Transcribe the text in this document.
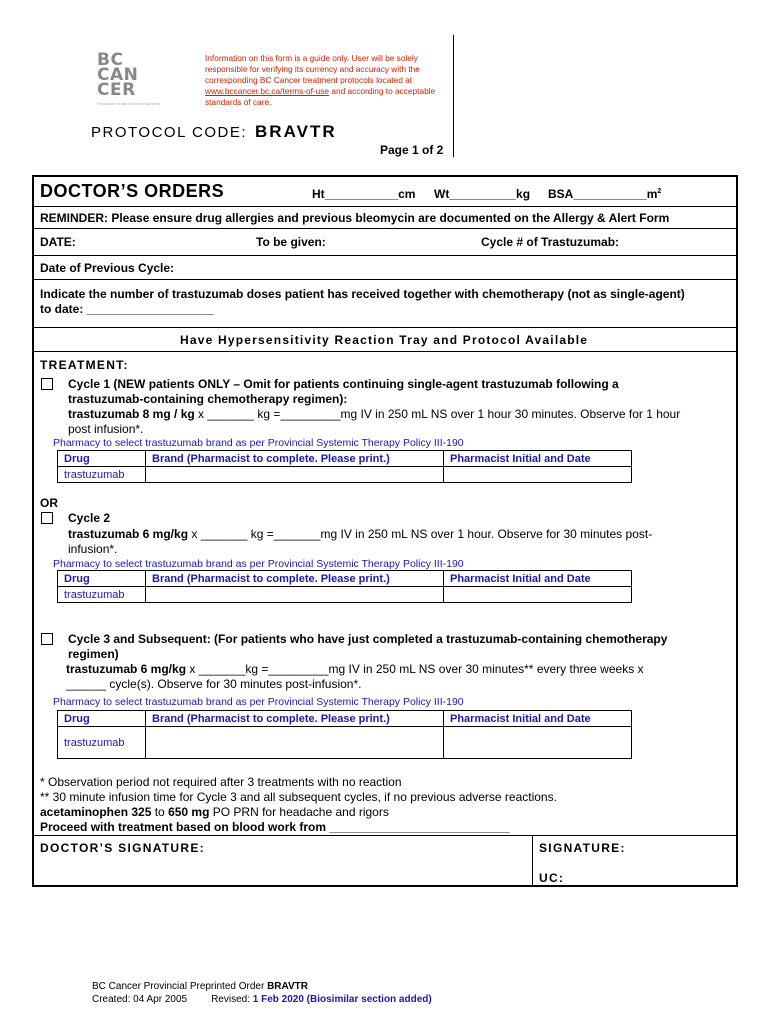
BC
CAN
CER
Provincial Health Services Authority
Information on this form is a guide only. User will be solely responsible for verifying its currency and accuracy with the corresponding BC Cancer treatment protocols located at www.bccancer.bc.ca/terms-of-use and according to acceptable standards of care.
PROTOCOL CODE: BRAVTR
Page 1 of 2
DOCTOR’S ORDERS	Ht___________cm Wt__________kg $BSA\_\_\_\_\_\_\_\_\_\_\_m^2$
REMINDER: Please ensure drug allergies and previous bleomycin are documented on the Allergy & Alert Form
DATE:	To be given:	Cycle # of Trastuzumab:
Date of Previous Cycle:
Indicate the number of trastuzumab doses patient has received together with chemotherapy (not as single-agent)
to date: ___________________
Have Hypersensitivity Reaction Tray and Protocol Available
TREATMENT:
Cycle 1 (NEW patients ONLY – Omit for patients continuing single-agent trastuzumab following a
trastuzumab-containing chemotherapy regimen):
trastuzumab 8 mg / kg x _______ kg =_________mg IV in 250 mL NS over 1 hour 30 minutes. Observe for 1 hour
post infusion*.
Pharmacy to select trastuzumab brand as per Provincial Systemic Therapy Policy III-190
Drug	Brand (Pharmacist to complete. Please print.)	Pharmacist Initial and Date
trastuzumab		
OR
Cycle 2
trastuzumab 6 mg/kg x _______ kg =_______mg IV in 250 mL NS over 1 hour. Observe for 30 minutes post-
infusion*.
Pharmacy to select trastuzumab brand as per Provincial Systemic Therapy Policy III-190
Drug	Brand (Pharmacist to complete. Please print.)	Pharmacist Initial and Date
trastuzumab		
Cycle 3 and Subsequent: (For patients who have just completed a trastuzumab-containing chemotherapy
regimen)
trastuzumab 6 mg/kg x _______kg =_________mg IV in 250 mL NS over 30 minutes** every three weeks x
______ cycle(s). Observe for 30 minutes post-infusion*.
Pharmacy to select trastuzumab brand as per Provincial Systemic Therapy Policy III-190
Drug	Brand (Pharmacist to complete. Please print.)	Pharmacist Initial and Date
trastuzumab		
* Observation period not required after 3 treatments with no reaction
** 30 minute infusion time for Cycle 3 and all subsequent cycles, if no previous adverse reactions.
acetaminophen 325 to 650 mg PO PRN for headache and rigors
Proceed with treatment based on blood work from ___________________________
DOCTOR’S SIGNATURE:	SIGNATURE:
UC:
BC Cancer Provincial Preprinted Order BRAVTR
Created: 04 Apr 2005 Revised: 1 Feb 2020 (Biosimilar section added)
